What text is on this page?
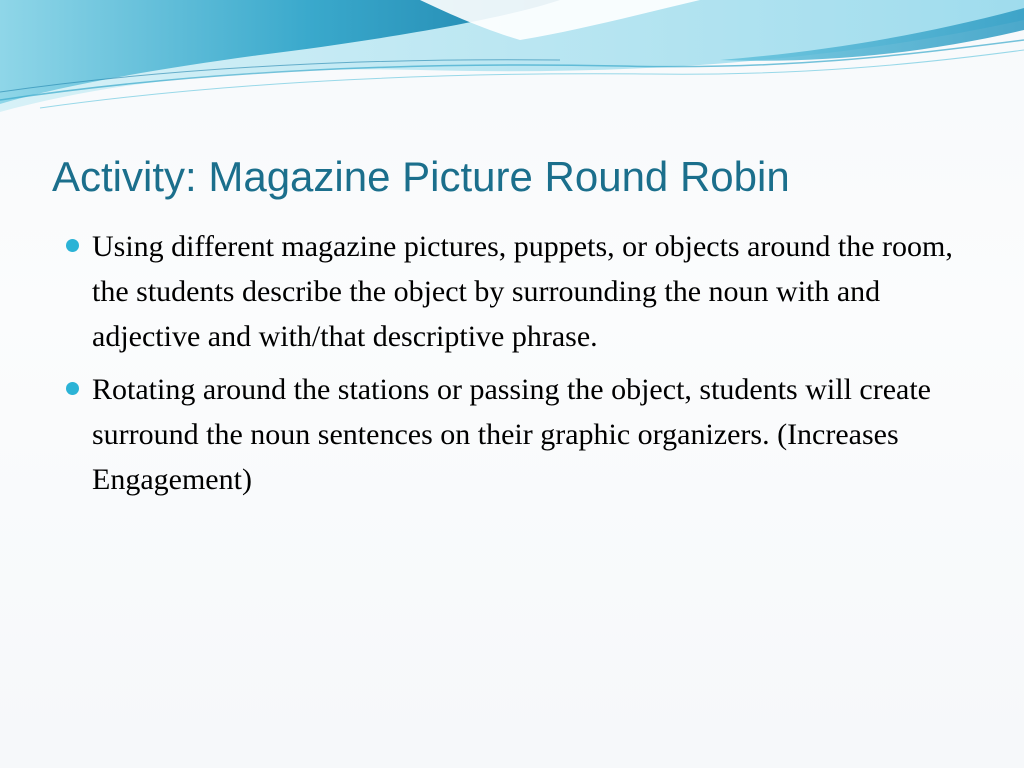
Activity: Magazine Picture Round Robin
Using different magazine pictures, puppets, or objects around the room, the students describe the object by surrounding the noun with and adjective and with/that descriptive phrase.
Rotating around the stations or passing the object, students will create surround the noun sentences on their graphic organizers. (Increases Engagement)
